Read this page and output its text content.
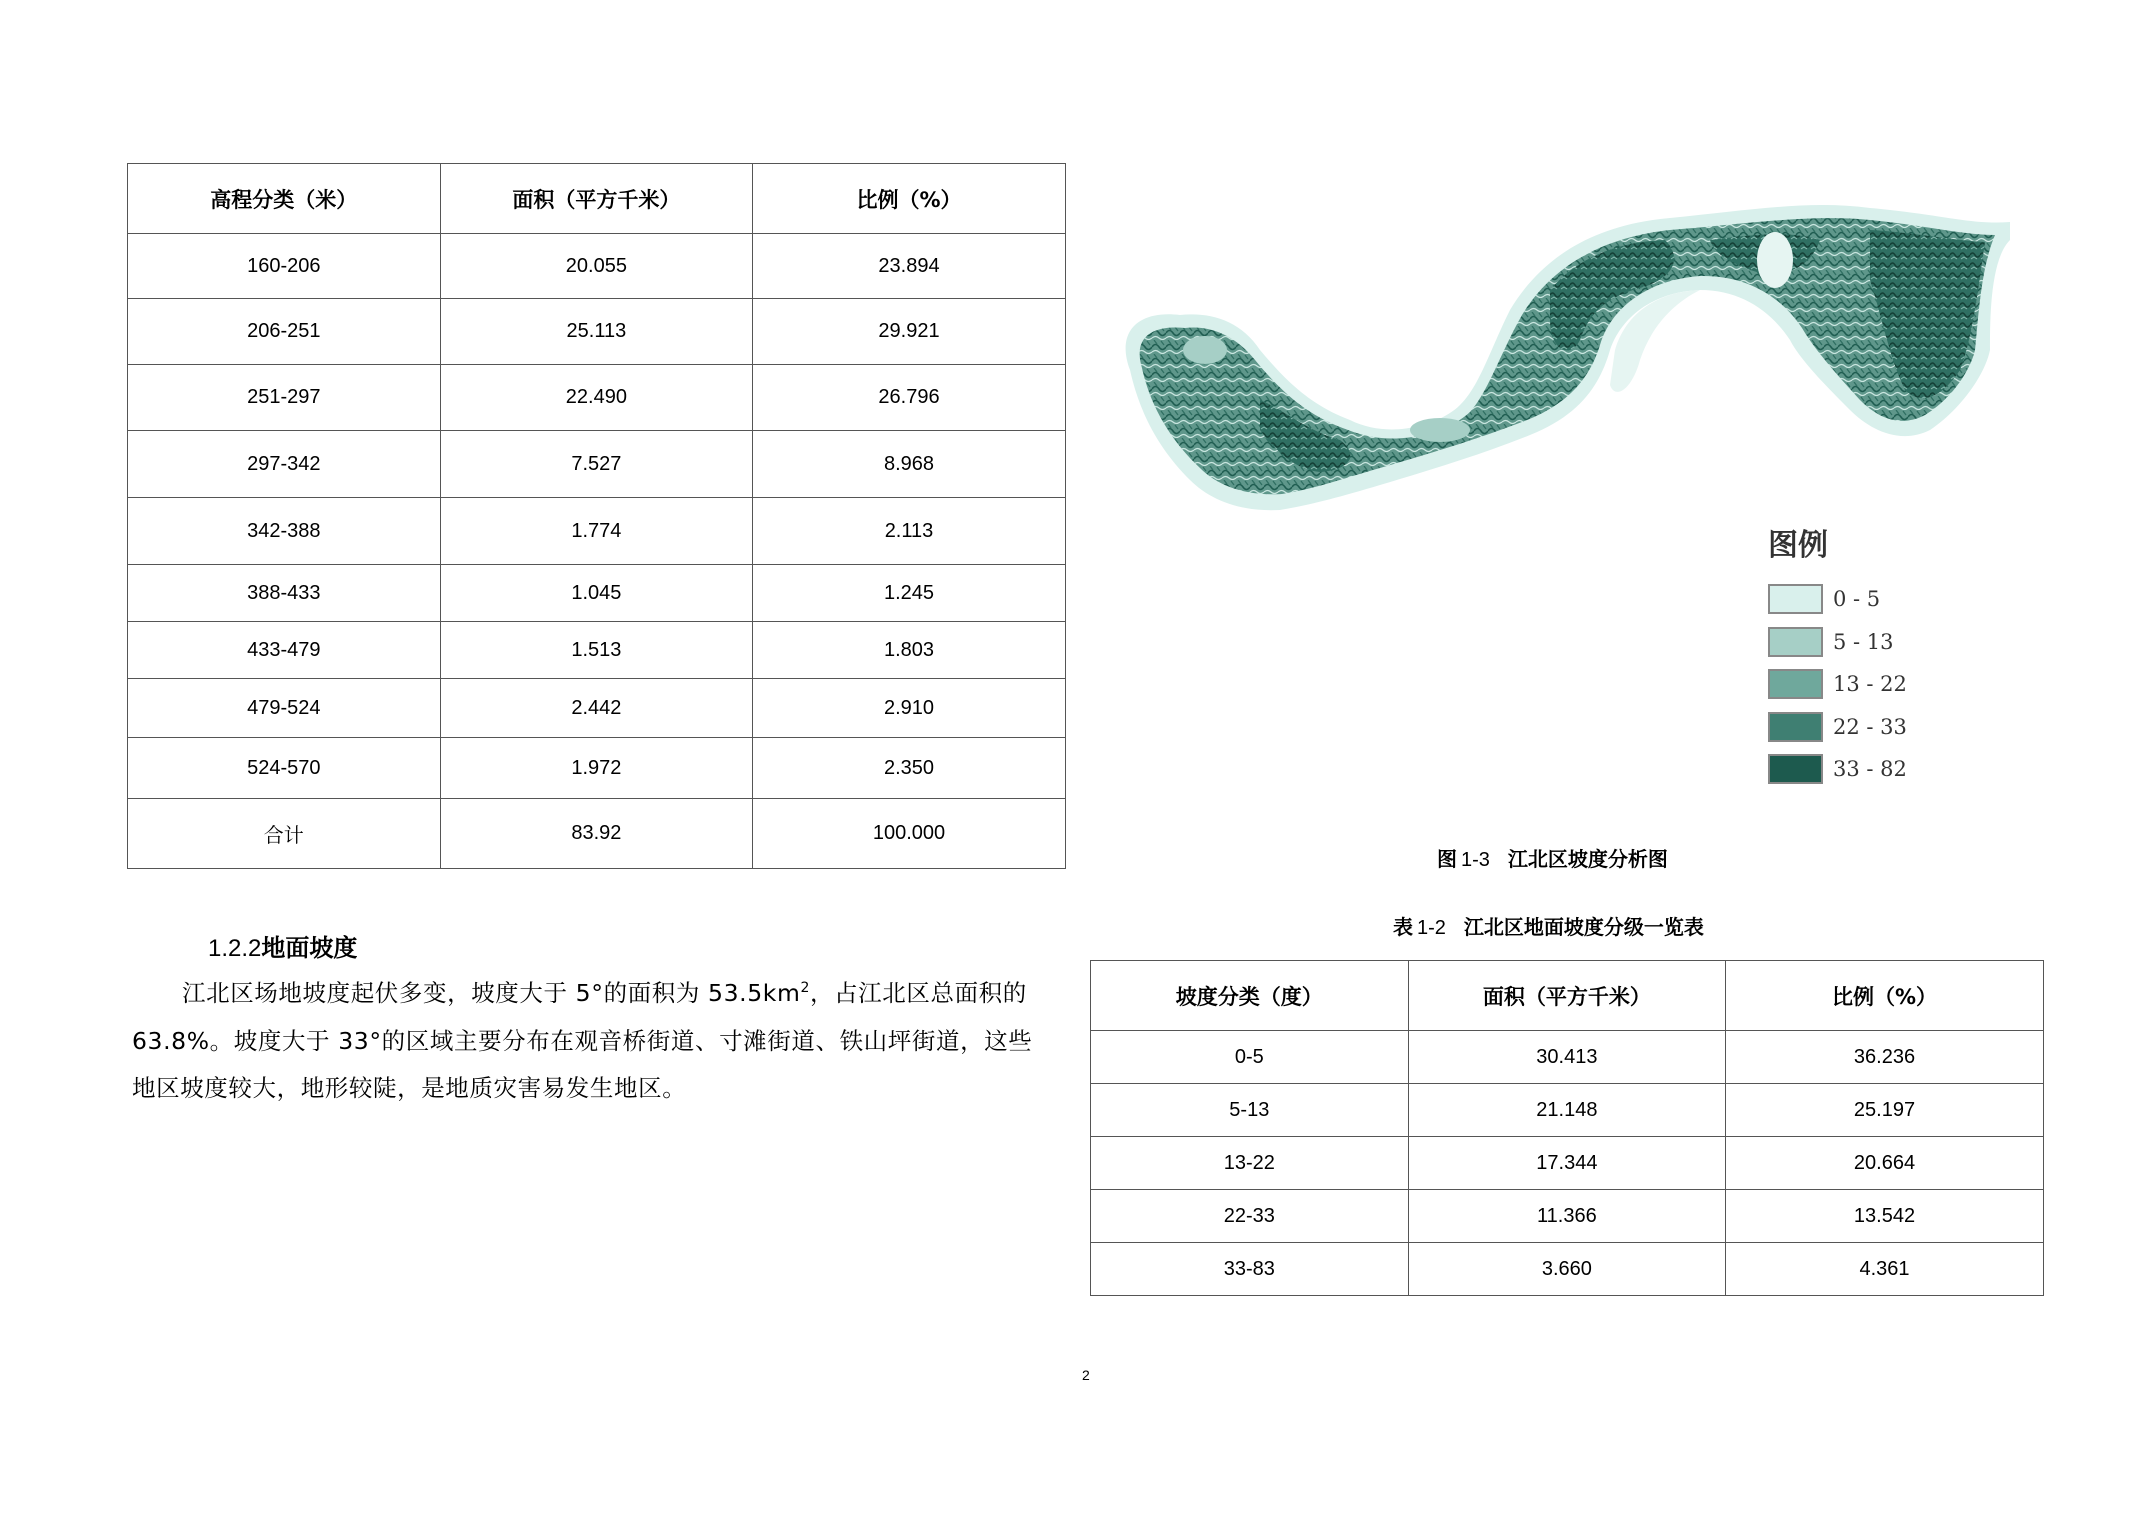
高程分类（米）	面积（平方千米）	比例（%）
160-206	20.055	23.894
206-251	25.113	29.921
251-297	22.490	26.796
297-342	7.527	8.968
342-388	1.774	2.113
388-433	1.045	1.245
433-479	1.513	1.803
479-524	2.442	2.910
524-570	1.972	2.350
合计	83.92	100.000
图例
0 - 5
5 - 13
13 - 22
22 - 33
33 - 82
图 1-3 江北区坡度分析图
1.2.2地面坡度
江北区场地坡度起伏多变，坡度大于 5°的面积为 $53.5km^2$，占江北区总面积的
63.8%。坡度大于 33°的区域主要分布在观音桥街道、寸滩街道、铁山坪街道，这些
地区坡度较大，地形较陡，是地质灾害易发生地区。
表 1-2 江北区地面坡度分级一览表
坡度分类（度）	面积（平方千米）	比例（%）
0-5	30.413	36.236
5-13	21.148	25.197
13-22	17.344	20.664
22-33	11.366	13.542
33-83	3.660	4.361
2
